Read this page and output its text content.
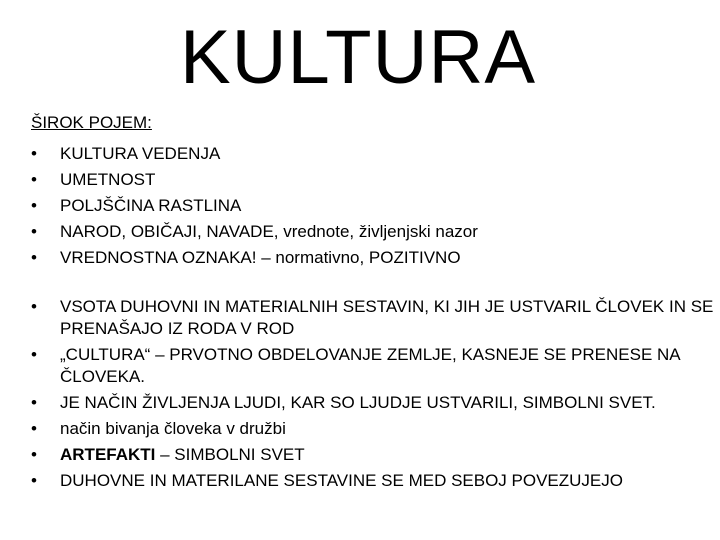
KULTURA
ŠIROK POJEM:
• KULTURA VEDENJA
• UMETNOST
• POLJŠČINA RASTLINA
• NAROD, OBIČAJI, NAVADE, vrednote, življenjski nazor
• VREDNOSTNA OZNAKA! – normativno, POZITIVNO
• VSOTA DUHOVNI IN MATERIALNIH SESTAVIN, KI JIH JE USTVARIL ČLOVEK IN SE PRENAŠAJO IZ RODA V ROD
• „CULTURA“ – PRVOTNO OBDELOVANJE ZEMLJE, KASNEJE SE PRENESE NA ČLOVEKA.
• JE NAČIN ŽIVLJENJA LJUDI, KAR SO LJUDJE USTVARILI, SIMBOLNI SVET.
• način bivanja človeka v družbi
• ARTEFAKTI – SIMBOLNI SVET
• DUHOVNE IN MATERILANE SESTAVINE SE MED SEBOJ POVEZUJEJO
